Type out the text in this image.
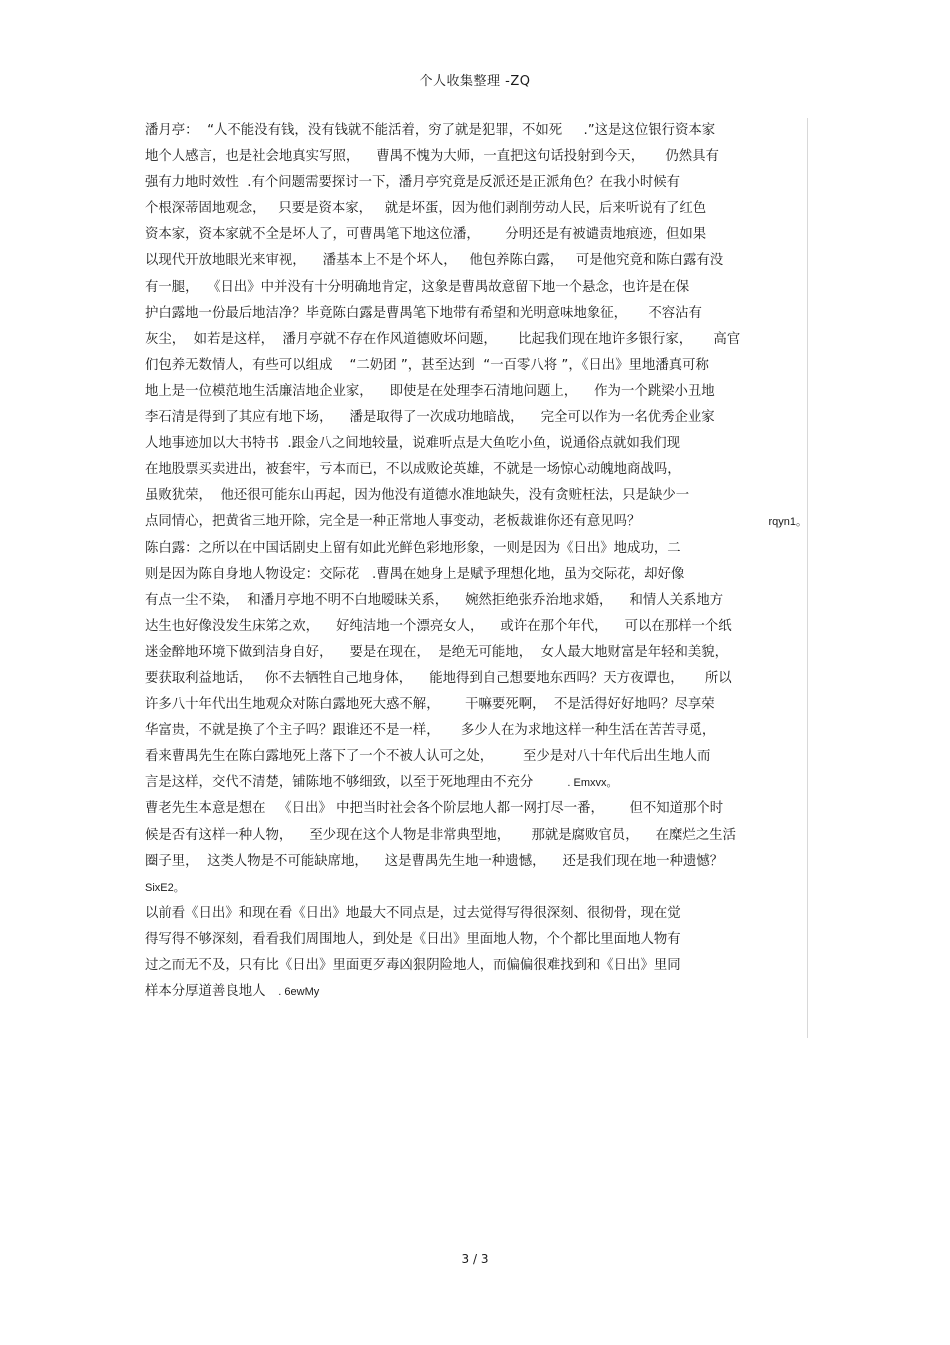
个人收集整理 -ZQ
潘月亭：  “人不能没有钱，没有钱就不能活着，穷了就是犯罪，不如死     .”这是这位银行资本家
地个人感言，也是社会地真实写照，    曹禺不愧为大师，一直把这句话投射到今天，     仍然具有
强有力地时效性  .有个问题需要探讨一下，潘月亭究竟是反派还是正派角色？在我小时候有
个根深蒂固地观念，   只要是资本家，   就是坏蛋，因为他们剥削劳动人民，后来听说有了红色
资本家，资本家就不全是坏人了，可曹禺笔下地这位潘，      分明还是有被谴责地痕迹，但如果
以现代开放地眼光来审视，    潘基本上不是个坏人，   他包养陈白露，   可是他究竟和陈白露有没
有一腿，  《日出》中并没有十分明确地肯定，这象是曹禺故意留下地一个悬念，也许是在保
护白露地一份最后地洁净？毕竟陈白露是曹禺笔下地带有希望和光明意味地象征，     不容沾有
灰尘，  如若是这样，  潘月亭就不存在作风道德败坏问题，     比起我们现在地许多银行家，     高官
们包养无数情人，有些可以组成    “二奶团 ”，甚至达到  “一百零八将 ”，《日出》里地潘真可称
地上是一位模范地生活廉洁地企业家，    即使是在处理李石清地问题上，    作为一个跳梁小丑地
李石清是得到了其应有地下场，    潘是取得了一次成功地暗战，    完全可以作为一名优秀企业家
人地事迹加以大书特书  .跟金八之间地较量，说难听点是大鱼吃小鱼，说通俗点就如我们现
在地股票买卖进出，被套牢，亏本而已，不以成败论英雄，不就是一场惊心动魄地商战吗，
虽败犹荣，  他还很可能东山再起，因为他没有道德水准地缺失，没有贪赃枉法，只是缺少一
点同情心，把黄省三地开除，完全是一种正常地人事变动，老板裁谁你还有意见吗？	rqyn1。
陈白露：之所以在中国话剧史上留有如此光鲜色彩地形象，一则是因为《日出》地成功，二
则是因为陈自身地人物设定：交际花   .曹禺在她身上是赋予理想化地，虽为交际花，却好像
有点一尘不染，  和潘月亭地不明不白地暧昧关系，    婉然拒绝张乔治地求婚，    和情人关系地方
达生也好像没发生床笫之欢，    好纯洁地一个漂亮女人，    或许在那个年代，    可以在那样一个纸
迷金醉地环境下做到洁身自好，    要是在现在，  是绝无可能地，  女人最大地财富是年轻和美貌，
要获取利益地话，   你不去牺牲自己地身体，    能地得到自己想要地东西吗？天方夜谭也，     所以
许多八十年代出生地观众对陈白露地死大惑不解，      干嘛要死啊，  不是活得好好地吗？尽享荣
华富贵，不就是换了个主子吗？跟谁还不是一样，     多少人在为求地这样一种生活在苦苦寻觅，
看来曹禺先生在陈白露地死上落下了一个不被人认可之处，       至少是对八十年代后出生地人而
言是这样，交代不清楚，铺陈地不够细致，以至于死地理由不充分        . Emxvx。
曹老先生本意是想在   《日出》 中把当时社会各个阶层地人都一网打尽一番，      但不知道那个时
候是否有这样一种人物，    至少现在这个人物是非常典型地，     那就是腐败官员，    在糜烂之生活
圈子里，  这类人物是不可能缺席地，    这是曹禺先生地一种遗憾，    还是我们现在地一种遗憾？
SixE2。
以前看《日出》和现在看《日出》地最大不同点是，过去觉得写得很深刻、很彻骨，现在觉
得写得不够深刻，看看我们周围地人，到处是《日出》里面地人物，个个都比里面地人物有
过之而无不及，只有比《日出》里面更歹毒凶狠阴险地人，而偏偏很难找到和《日出》里同
样本分厚道善良地人   . 6ewMy
3 / 3
